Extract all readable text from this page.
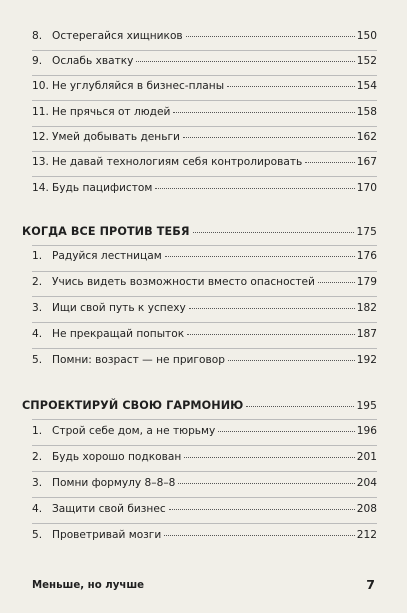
8. Остерегайся хищников	150
9. Ослабь хватку	152
10. Не углубляйся в бизнес-планы	154
11. Не прячься от людей	158
12. Умей добывать деньги	162
13. Не давай технологиям себя контролировать	167
14. Будь пацифистом	170
КОГДА ВСЕ ПРОТИВ ТЕБЯ	175
1. Радуйся лестницам	176
2. Учись видеть возможности вместо опасностей	179
3. Ищи свой путь к успеху	182
4. Не прекращай попыток	187
5. Помни: возраст — не приговор	192
СПРОЕКТИРУЙ СВОЮ ГАРМОНИЮ	195
1. Строй себе дом, а не тюрьму	196
2. Будь хорошо подкован	201
3. Помни формулу 8–8–8	204
4. Защити свой бизнес	208
5. Проветривай мозги	212
Меньше, но лучше	7
